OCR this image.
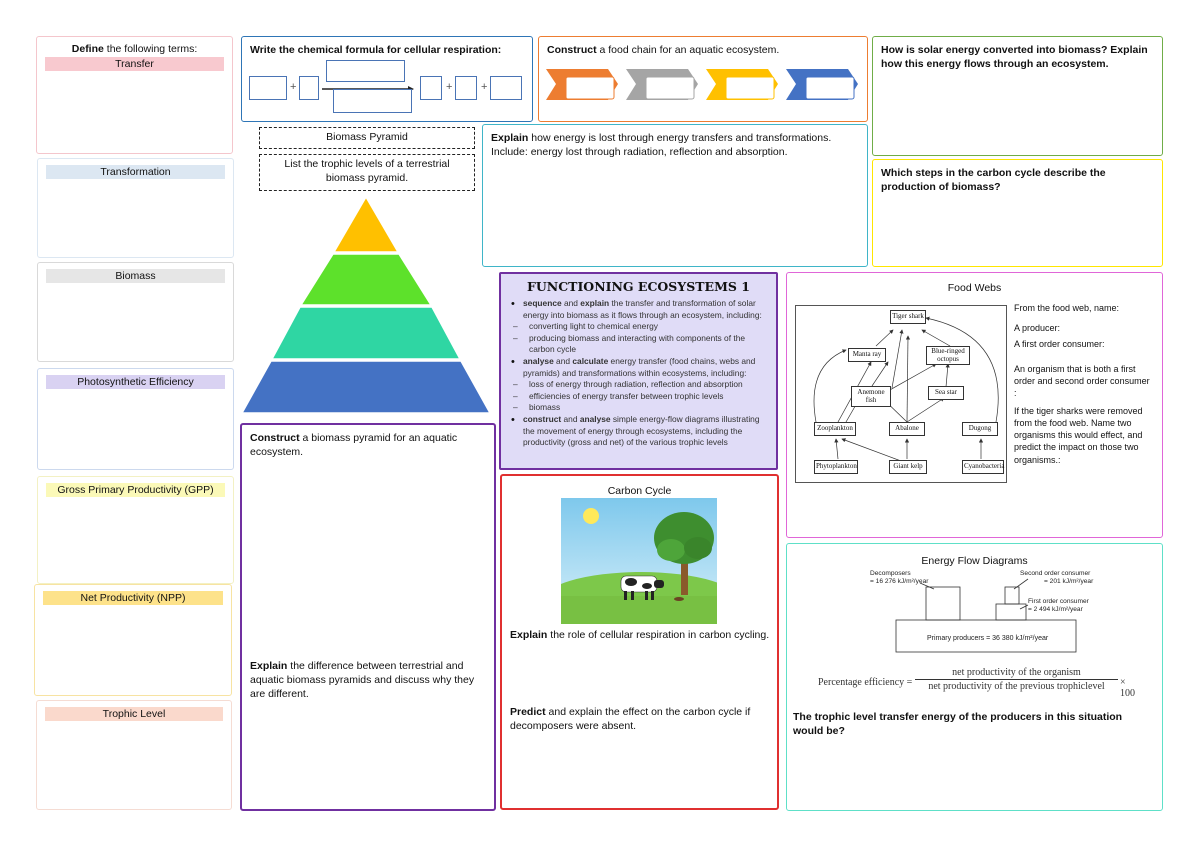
Define the following terms:
Transfer
Transformation
Biomass
Photosynthetic Efficiency
Gross Primary Productivity (GPP)
Net Productivity (NPP)
Trophic Level
Write the chemical formula for cellular respiration:
+	+	+
Construct a food chain for an aquatic ecosystem.	How is solar energy converted into biomass? Explain how this energy flows through an ecosystem.
Which steps in the carbon cycle describe the production of biomass?
Biomass Pyramid
List the trophic levels of a terrestrial biomass pyramid.
Explain how energy is lost through energy transfers and transformations. Include: energy lost through radiation, reflection and absorption.
FUNCTIONING ECOSYSTEMS 1
• sequence and explain the transfer and transformation of solar energy into biomass as it flows through an ecosystem, including:
– converting light to chemical energy
– producing biomass and interacting with components of the carbon cycle
• analyse and calculate energy transfer (food chains, webs and pyramids) and transformations within ecosystems, including:
– loss of energy through radiation, reflection and absorption
– efficiencies of energy transfer between trophic levels
– biomass
• construct and analyse simple energy-flow diagrams illustrating the movement of energy through ecosystems, including the productivity (gross and net) of the various trophic levels
Construct a biomass pyramid for an aquatic ecosystem.
Explain the difference between terrestrial and aquatic biomass pyramids and discuss why they are different.
Carbon Cycle
Explain the role of cellular respiration in carbon cycling.
Predict and explain the effect on the carbon cycle if decomposers were absent.
Food Webs
Tiger shark
Manta ray	Blue-ringed octopus
Anemone fish
Sea star
Zooplankton	Abalone	Dugong
Phytoplankton	Giant kelp	Cyanobacteria
From the food web, name:
A producer:
A first order consumer:
An organism that is both a first order and second order consumer :
If the tiger sharks were removed from the food web. Name two organisms this would effect, and predict the impact on those two organisms.:
Energy Flow Diagrams
The trophic level transfer energy of the producers in this situation would be?
Decomposers
= 16 276 kJ/m²/year
Second order consumer
= 201 kJ/m²/year
First order consumer
= 2 494 kJ/m²/year
Primary producers = 36 380 kJ/m²/year
Percentage efficiency =
net productivity of the organism
net productivity of the previous trophiclevel	× 100
